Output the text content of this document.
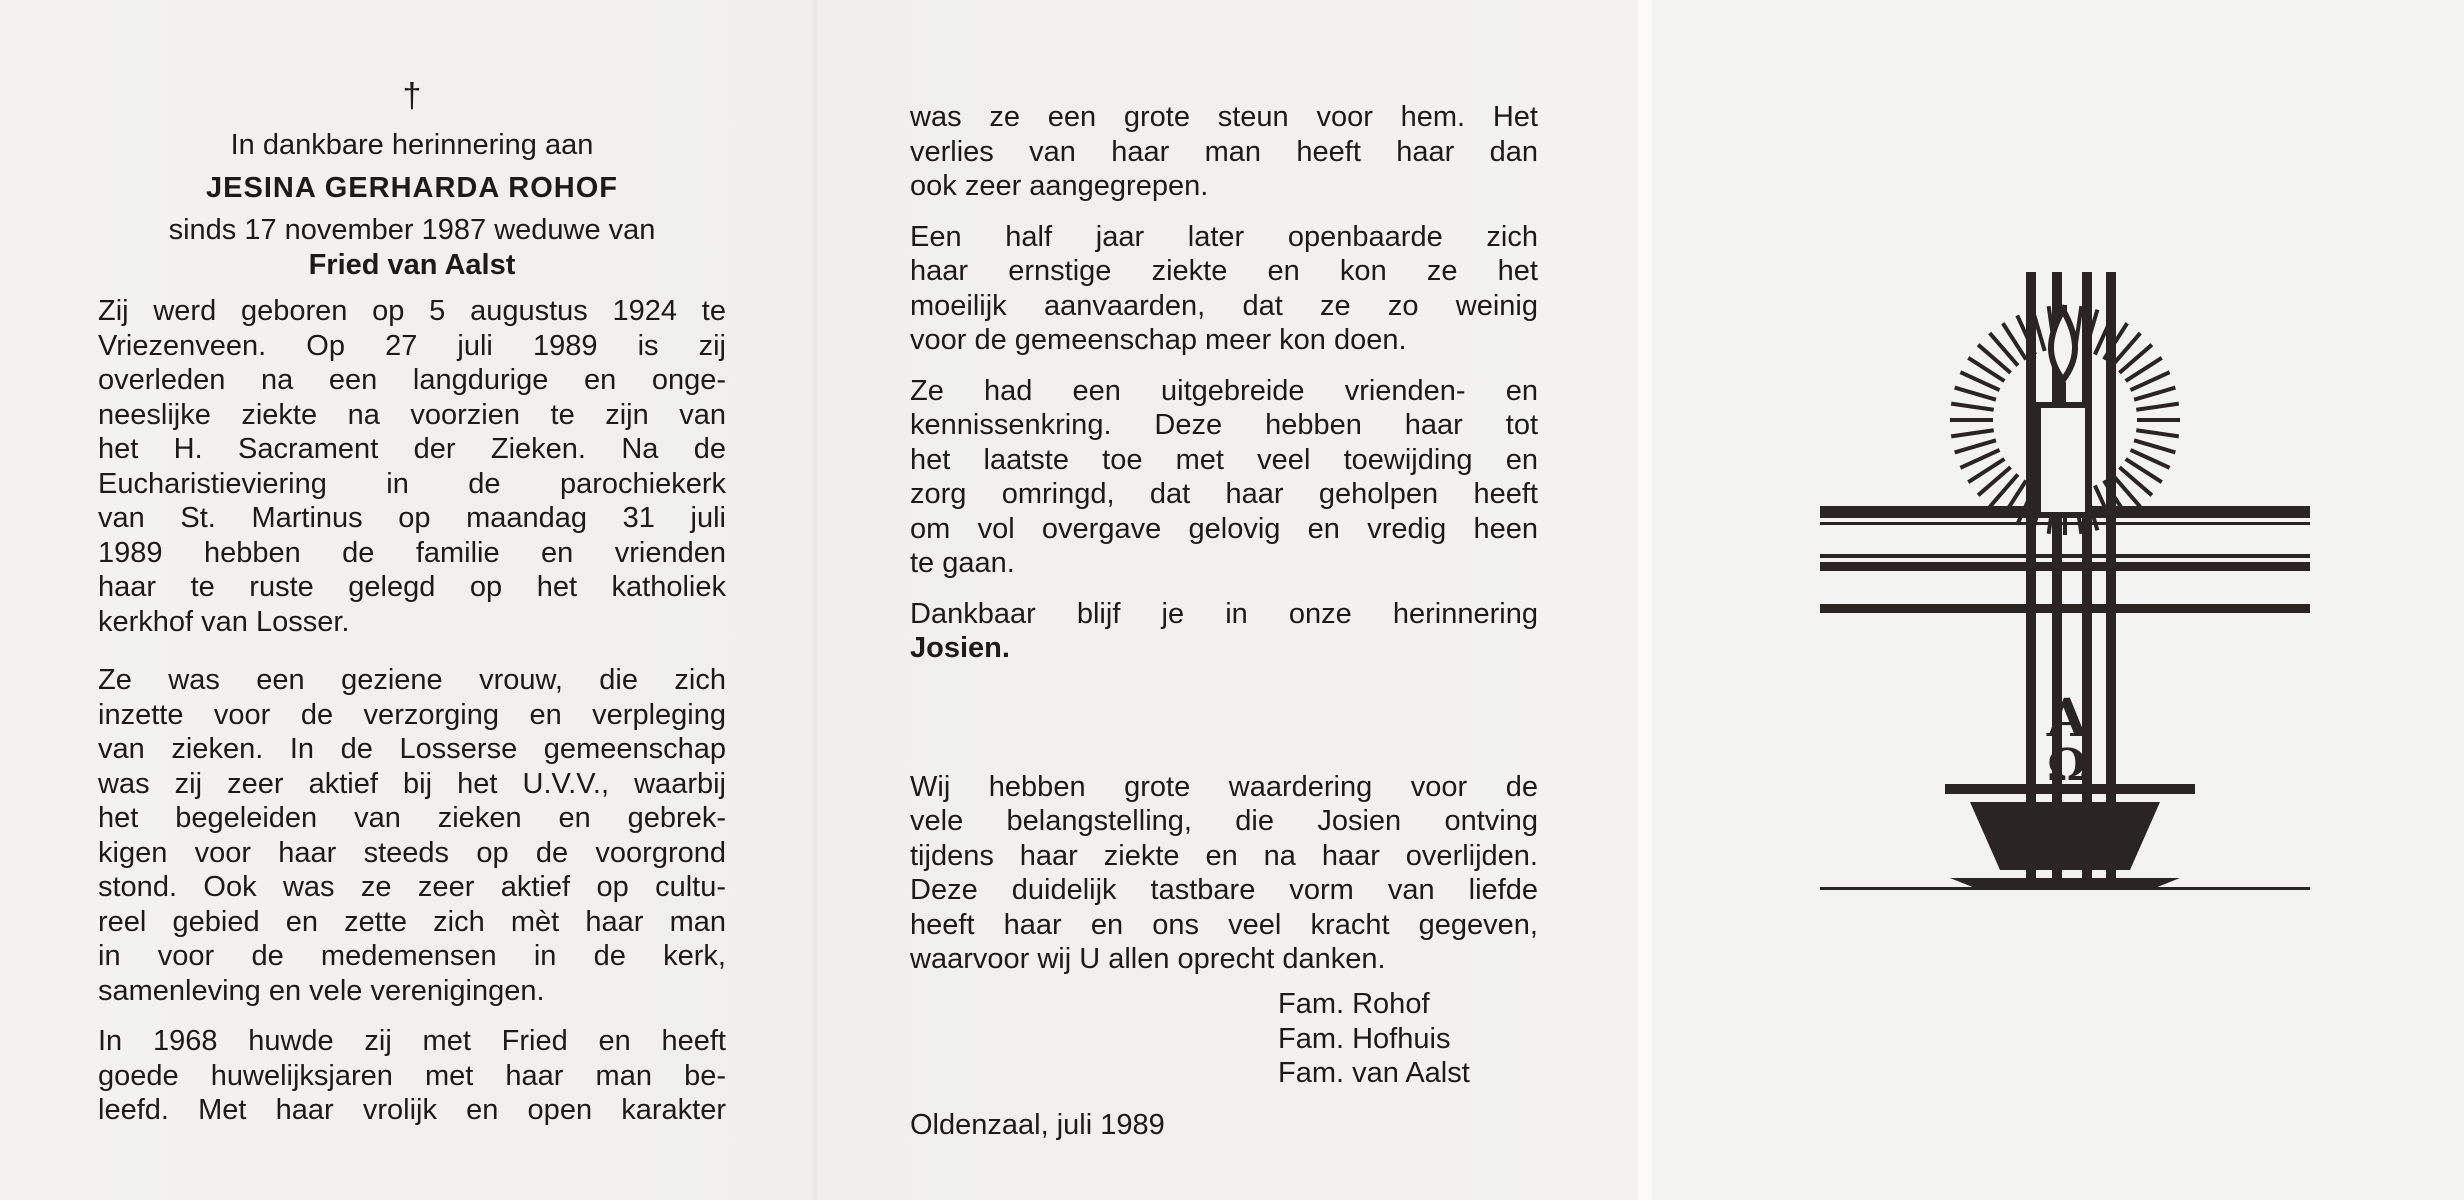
†
In dankbare herinnering aan
JESINA GERHARDA ROHOF
sinds 17 november 1987 weduwe van
Fried van Aalst
Zij werd geboren op 5 augustus 1924 te
Vriezenveen. Op 27 juli 1989 is zij
overleden na een langdurige en onge-
neeslijke ziekte na voorzien te zijn van
het H. Sacrament der Zieken. Na de
Eucharistieviering in de parochiekerk
van St. Martinus op maandag 31 juli
1989 hebben de familie en vrienden
haar te ruste gelegd op het katholiek
kerkhof van Losser.
Ze was een geziene vrouw, die zich
inzette voor de verzorging en verpleging
van zieken. In de Losserse gemeenschap
was zij zeer aktief bij het U.V.V., waarbij
het begeleiden van zieken en gebrek-
kigen voor haar steeds op de voorgrond
stond. Ook was ze zeer aktief op cultu-
reel gebied en zette zich mèt haar man
in voor de medemensen in de kerk,
samenleving en vele verenigingen.
In 1968 huwde zij met Fried en heeft
goede huwelijksjaren met haar man be-
leefd. Met haar vrolijk en open karakter
was ze een grote steun voor hem. Het
verlies van haar man heeft haar dan
ook zeer aangegrepen.
Een half jaar later openbaarde zich
haar ernstige ziekte en kon ze het
moeilijk aanvaarden, dat ze zo weinig
voor de gemeenschap meer kon doen.
Ze had een uitgebreide vrienden- en
kennissenkring. Deze hebben haar tot
het laatste toe met veel toewijding en
zorg omringd, dat haar geholpen heeft
om vol overgave gelovig en vredig heen
te gaan.
Dankbaar blijf je in onze herinnering
Josien.
Wij hebben grote waardering voor de
vele belangstelling, die Josien ontving
tijdens haar ziekte en na haar overlijden.
Deze duidelijk tastbare vorm van liefde
heeft haar en ons veel kracht gegeven,
waarvoor wij U allen oprecht danken.
Fam. Rohof
Fam. Hofhuis
Fam. van Aalst
Oldenzaal, juli 1989
A
Ω
